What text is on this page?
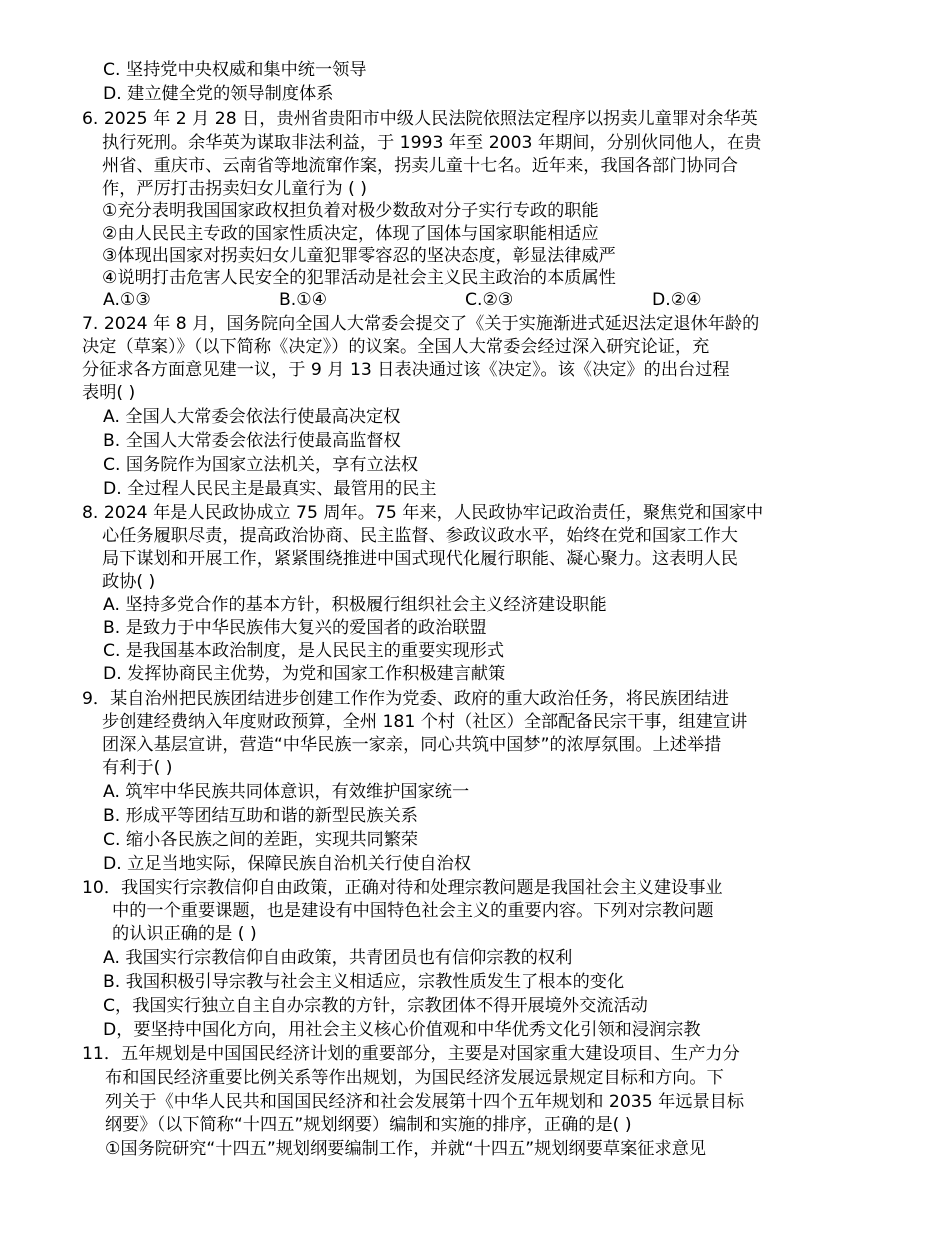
C. 坚持党中央权威和集中统一领导
D. 建立健全党的领导制度体系
6. 2025 年 2 月 28 日，贵州省贵阳市中级人民法院依照法定程序以拐卖儿童罪对余华英
执行死刑。余华英为谋取非法利益，于 1993 年至 2003 年期间，分别伙同他人，在贵
州省、重庆市、云南省等地流窜作案，拐卖儿童十七名。近年来，我国各部门协同合
作，严厉打击拐卖妇女儿童行为 ( )
①充分表明我国国家政权担负着对极少数敌对分子实行专政的职能
②由人民民主专政的国家性质决定，体现了国体与国家职能相适应
③体现出国家对拐卖妇女儿童犯罪零容忍的坚决态度，彰显法律威严
④说明打击危害人民安全的犯罪活动是社会主义民主政治的本质属性
A.①③	B.①④	C.②③	D.②④
7. 2024 年 8 月，国务院向全国人大常委会提交了《关于实施渐进式延迟法定退休年龄的
决定（草案）》（以下简称《决定》）的议案。全国人大常委会经过深入研究论证，充
分征求各方面意见建一议，于 9 月 13 日表决通过该《决定》。该《决定》的出台过程
表明( )
A. 全国人大常委会依法行使最高决定权
B. 全国人大常委会依法行使最高监督权
C. 国务院作为国家立法机关，享有立法权
D. 全过程人民民主是最真实、最管用的民主
8. 2024 年是人民政协成立 75 周年。75 年来，人民政协牢记政治责任，聚焦党和国家中
心任务履职尽责，提高政治协商、民主监督、参政议政水平，始终在党和国家工作大
局下谋划和开展工作，紧紧围绕推进中国式现代化履行职能、凝心聚力。这表明人民
政协( )
A. 坚持多党合作的基本方针，积极履行组织社会主义经济建设职能
B. 是致力于中华民族伟大复兴的爱国者的政治联盟
C. 是我国基本政治制度，是人民民主的重要实现形式
D. 发挥协商民主优势，为党和国家工作积极建言献策
9．某自治州把民族团结进步创建工作作为党委、政府的重大政治任务，将民族团结进
步创建经费纳入年度财政预算，全州 181 个村（社区）全部配备民宗干事，组建宣讲
团深入基层宣讲，营造“中华民族一家亲，同心共筑中国梦”的浓厚氛围。上述举措
有利于( )
A. 筑牢中华民族共同体意识，有效维护国家统一
B. 形成平等团结互助和谐的新型民族关系
C. 缩小各民族之间的差距，实现共同繁荣
D. 立足当地实际，保障民族自治机关行使自治权
10．我国实行宗教信仰自由政策，正确对待和处理宗教问题是我国社会主义建设事业
中的一个重要课题，也是建设有中国特色社会主义的重要内容。下列对宗教问题
的认识正确的是 ( )
A. 我国实行宗教信仰自由政策，共青团员也有信仰宗教的权利
B. 我国积极引导宗教与社会主义相适应，宗教性质发生了根本的变化
C，我国实行独立自主自办宗教的方针，宗教团体不得开展境外交流活动
D，要坚持中国化方向，用社会主义核心价值观和中华优秀文化引领和浸润宗教
11．五年规划是中国国民经济计划的重要部分，主要是对国家重大建设项目、生产力分
布和国民经济重要比例关系等作出规划，为国民经济发展远景规定目标和方向。下
列关于《中华人民共和国国民经济和社会发展第十四个五年规划和 2035 年远景目标
纲要》（以下简称“十四五”规划纲要）编制和实施的排序，正确的是( )
①国务院研究“十四五”规划纲要编制工作，并就“十四五”规划纲要草案征求意见
